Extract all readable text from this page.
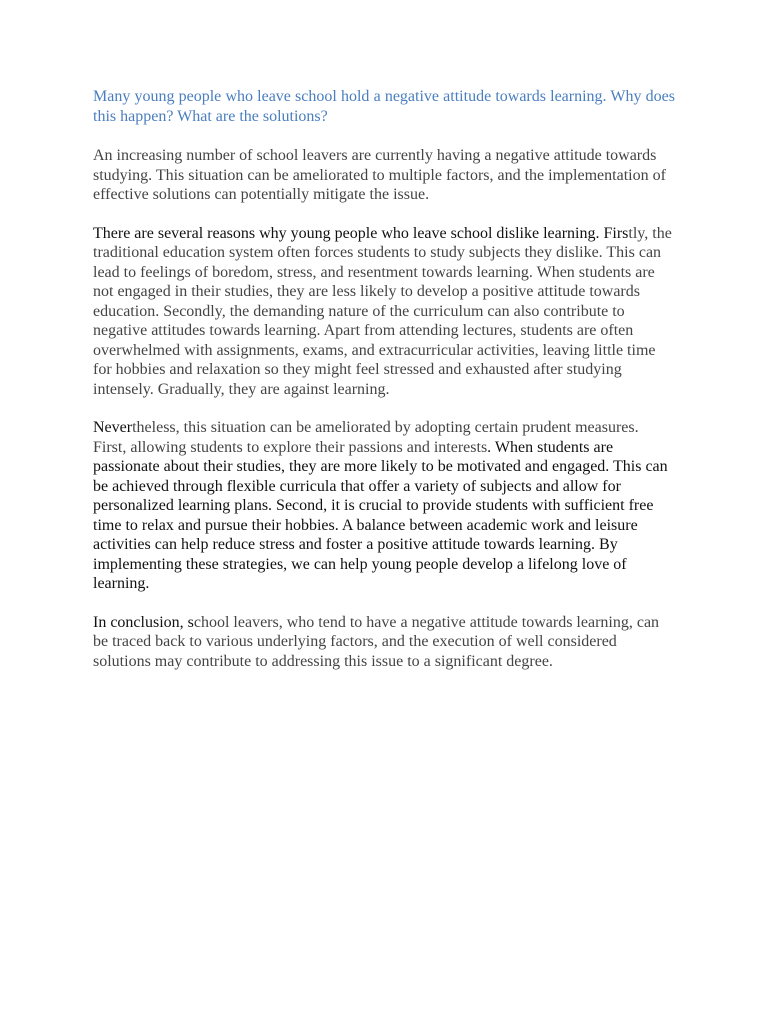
Many young people who leave school hold a negative attitude towards learning. Why does this happen? What are the solutions?

An increasing number of school leavers are currently having a negative attitude towards studying. This situation can be ameliorated to multiple factors, and the implementation of effective solutions can potentially mitigate the issue.

There are several reasons why young people who leave school dislike learning. Firstly, the traditional education system often forces students to study subjects they dislike. This can lead to feelings of boredom, stress, and resentment towards learning. When students are not engaged in their studies, they are less likely to develop a positive attitude towards education. Secondly, the demanding nature of the curriculum can also contribute to negative attitudes towards learning. Apart from attending lectures, students are often overwhelmed with assignments, exams, and extracurricular activities, leaving little time for hobbies and relaxation so they might feel stressed and exhausted after studying intensely. Gradually, they are against learning.

Nevertheless, this situation can be ameliorated by adopting certain prudent measures. First, allowing students to explore their passions and interests. When students are passionate about their studies, they are more likely to be motivated and engaged. This can be achieved through flexible curricula that offer a variety of subjects and allow for personalized learning plans. Second, it is crucial to provide students with sufficient free time to relax and pursue their hobbies. A balance between academic work and leisure activities can help reduce stress and foster a positive attitude towards learning. By implementing these strategies, we can help young people develop a lifelong love of learning.

In conclusion, school leavers, who tend to have a negative attitude towards learning, can be traced back to various underlying factors, and the execution of well considered solutions may contribute to addressing this issue to a significant degree.
